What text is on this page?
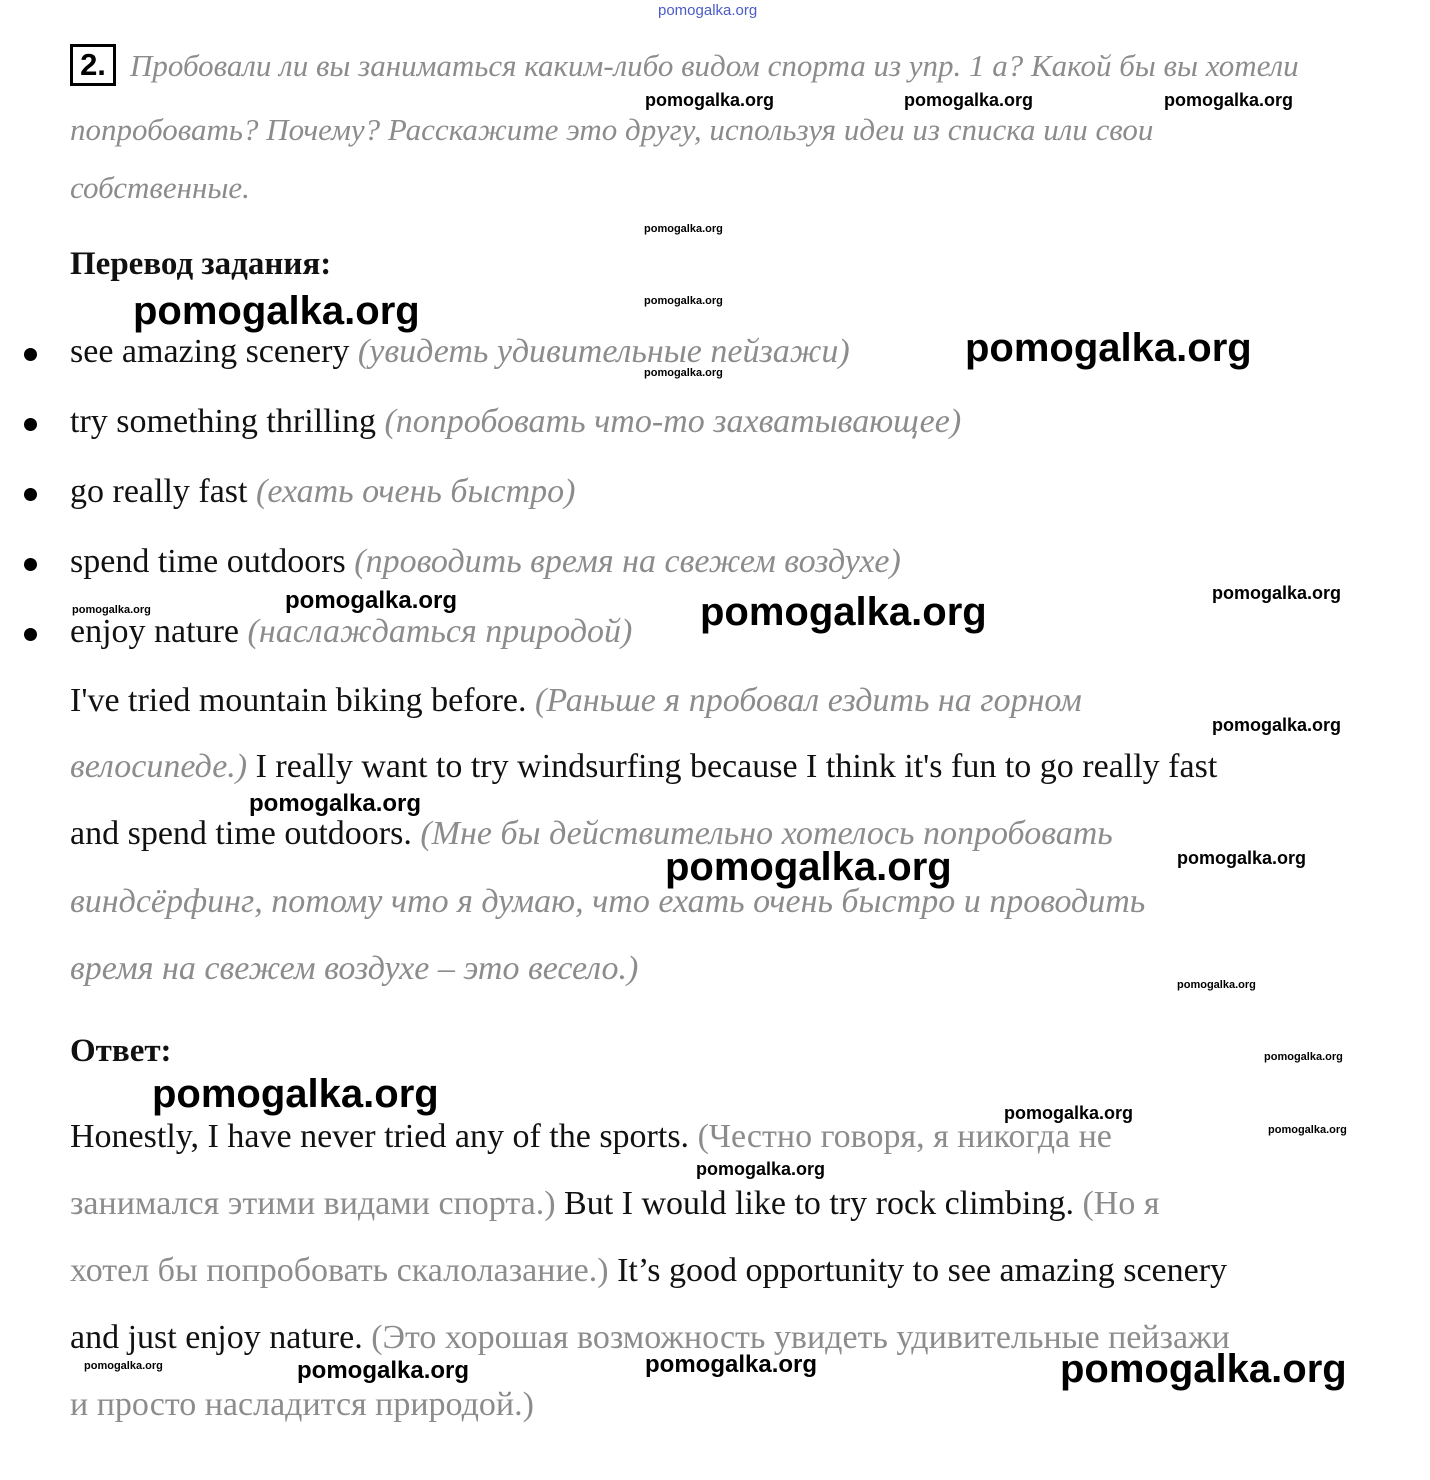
pomogalka.org
2. Пробовали ли вы заниматься каким-либо видом спорта из упр. 1 а? Какой бы вы хотели
попробовать? Почему? Расскажите это другу, используя идеи из списка или свои
собственные.
Перевод задания:
see amazing scenery (увидеть удивительные пейзажи)
try something thrilling (попробовать что-то захватывающее)
go really fast (ехать очень быстро)
spend time outdoors (проводить время на свежем воздухе)
enjoy nature (наслаждаться природой)
I've tried mountain biking before. (Раньше я пробовал ездить на горном
велосипеде.) I really want to try windsurfing because I think it's fun to go really fast
and spend time outdoors. (Мне бы действительно хотелось попробовать
виндсёрфинг, потому что я думаю, что ехать очень быстро и проводить
время на свежем воздухе – это весело.)
Ответ:
Honestly, I have never tried any of the sports. (Честно говоря, я никогда не
занимался этими видами спорта.) But I would like to try rock climbing. (Но я
хотел бы попробовать скалолазание.) It’s good opportunity to see amazing scenery
and just enjoy nature. (Это хорошая возможность увидеть удивительные пейзажи
и просто насладится природой.)
pomogalka.org	pomogalka.org	pomogalka.org
pomogalka.org
pomogalka.org
pomogalka.org
pomogalka.org
pomogalka.org
pomogalka.org	pomogalka.org	pomogalka.org	pomogalka.org
pomogalka.org
pomogalka.org
pomogalka.org	pomogalka.org
pomogalka.org
pomogalka.org
pomogalka.org	pomogalka.org
pomogalka.org
pomogalka.org
pomogalka.org	pomogalka.org	pomogalka.org	pomogalka.org
